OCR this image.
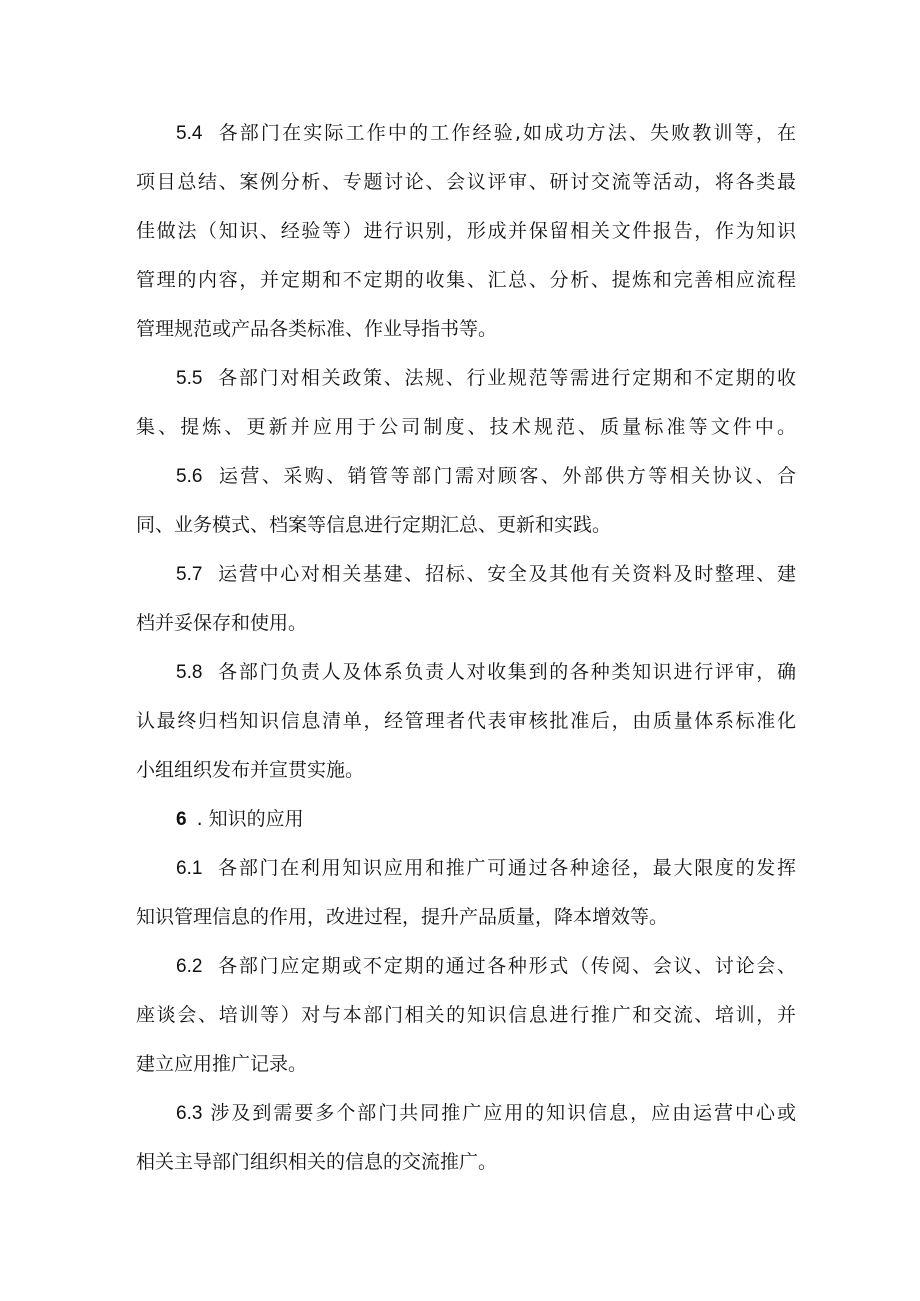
5.4 各部门在实际工作中的工作经验,如成功方法、失败教训等，在
项目总结、案例分析、专题讨论、会议评审、研讨交流等活动，将各类最
佳做法（知识、经验等）进行识别，形成并保留相关文件报告，作为知识
管理的内容，并定期和不定期的收集、汇总、分析、提炼和完善相应流程
管理规范或产品各类标准、作业导指书等。
5.5 各部门对相关政策、法规、行业规范等需进行定期和不定期的收
集、提炼、更新并应用于公司制度、技术规范、质量标准等文件中。
5.6 运营、采购、销管等部门需对顾客、外部供方等相关协议、合
同、业务模式、档案等信息进行定期汇总、更新和实践。
5.7 运营中心对相关基建、招标、安全及其他有关资料及时整理、建
档并妥保存和使用。
5.8 各部门负责人及体系负责人对收集到的各种类知识进行评审，确
认最终归档知识信息清单，经管理者代表审核批准后，由质量体系标准化
小组组织发布并宣贯实施。
6 . 知识的应用
6.1 各部门在利用知识应用和推广可通过各种途径，最大限度的发挥
知识管理信息的作用，改进过程，提升产品质量，降本增效等。
6.2 各部门应定期或不定期的通过各种形式（传阅、会议、讨论会、
座谈会、培训等）对与本部门相关的知识信息进行推广和交流、培训，并
建立应用推广记录。
6.3 涉及到需要多个部门共同推广应用的知识信息，应由运营中心或
相关主导部门组织相关的信息的交流推广。
